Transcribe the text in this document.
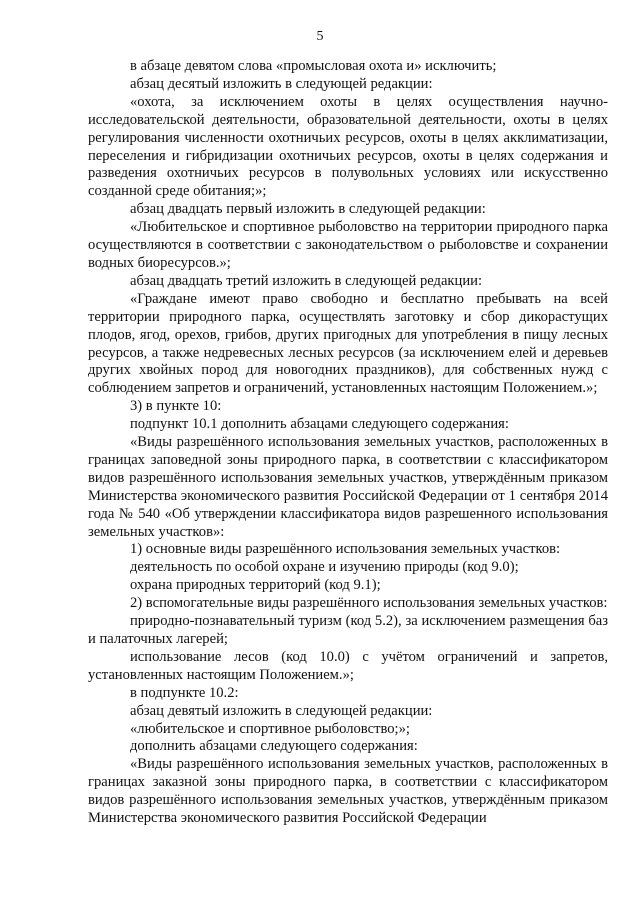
5

в абзаце девятом слова «промысловая охота и» исключить;

абзац десятый изложить в следующей редакции:

«охота, за исключением охоты в целях осуществления научно-исследовательской деятельности, образовательной деятельности, охоты в целях регулирования численности охотничьих ресурсов, охоты в целях акклиматизации, переселения и гибридизации охотничьих ресурсов, охоты в целях содержания и разведения охотничьих ресурсов в полувольных условиях или искусственно созданной среде обитания;»;

абзац двадцать первый изложить в следующей редакции:

«Любительское и спортивное рыболовство на территории природного парка осуществляются в соответствии с законодательством о рыболовстве и сохранении водных биоресурсов.»;

абзац двадцать третий изложить в следующей редакции:

«Граждане имеют право свободно и бесплатно пребывать на всей территории природного парка, осуществлять заготовку и сбор дикорастущих плодов, ягод, орехов, грибов, других пригодных для употребления в пищу лесных ресурсов, а также недревесных лесных ресурсов (за исключением елей и деревьев других хвойных пород для новогодних праздников), для собственных нужд с соблюдением запретов и ограничений, установленных настоящим Положением.»;

3) в пункте 10:

подпункт 10.1 дополнить абзацами следующего содержания:

«Виды разрешённого использования земельных участков, расположенных в границах заповедной зоны природного парка, в соответствии с классификатором видов разрешённого использования земельных участков, утверждённым приказом Министерства экономического развития Российской Федерации от 1 сентября 2014 года № 540 «Об утверждении классификатора видов разрешенного использования земельных участков»:

1) основные виды разрешённого использования земельных участков:

деятельность по особой охране и изучению природы (код 9.0);

охрана природных территорий (код 9.1);

2) вспомогательные виды разрешённого использования земельных участков:

природно-познавательный туризм (код 5.2), за исключением размещения баз и палаточных лагерей;

использование лесов (код 10.0) с учётом ограничений и запретов, установленных настоящим Положением.»;

в подпункте 10.2:

абзац девятый изложить в следующей редакции:

«любительское и спортивное рыболовство;»;

дополнить абзацами следующего содержания:

«Виды разрешённого использования земельных участков, расположенных в границах заказной зоны природного парка, в соответствии с классификатором видов разрешённого использования земельных участков, утверждённым приказом Министерства экономического развития Российской Федерации
